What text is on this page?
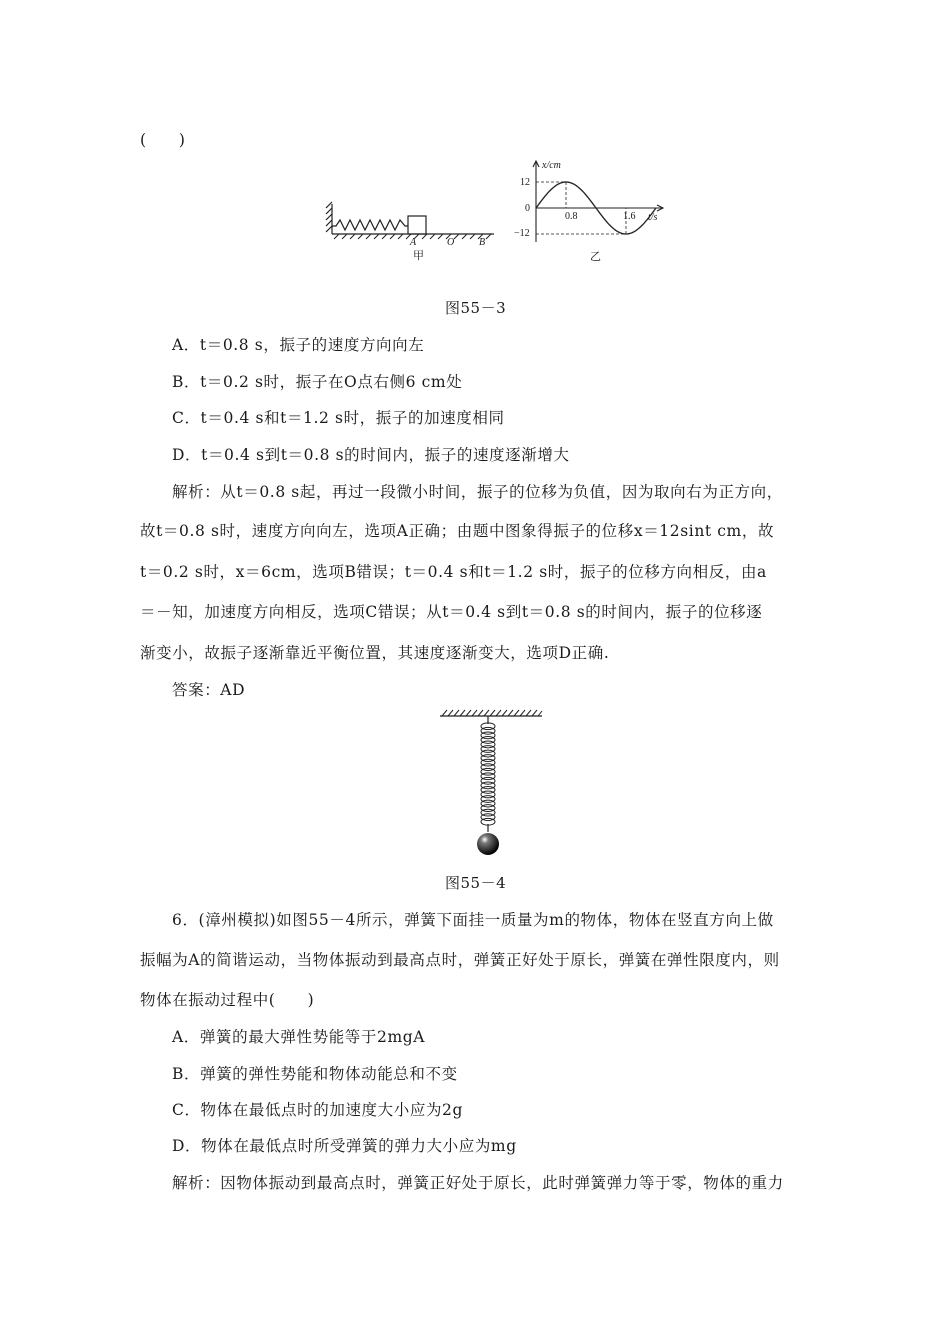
(　　)
A	O B
甲
x/cm
t/s
12
0
−12
0.8	1.6
乙
图55－3
A．t＝0.8 s，振子的速度方向向左
B．t＝0.2 s时，振子在O点右侧6 cm处
C．t＝0.4 s和t＝1.2 s时，振子的加速度相同
D．t＝0.4 s到t＝0.8 s的时间内，振子的速度逐渐增大
解析：从t＝0.8 s起，再过一段微小时间，振子的位移为负值，因为取向右为正方向，
故t＝0.8 s时，速度方向向左，选项A正确；由题中图象得振子的位移x＝12sint cm，故
t＝0.2 s时，x＝6cm，选项B错误；t＝0.4 s和t＝1.2 s时，振子的位移方向相反，由a
＝－知，加速度方向相反，选项C错误；从t＝0.4 s到t＝0.8 s的时间内，振子的位移逐
渐变小，故振子逐渐靠近平衡位置，其速度逐渐变大，选项D正确.
答案：AD
图55－4
6．(漳州模拟)如图55－4所示，弹簧下面挂一质量为m的物体，物体在竖直方向上做
振幅为A的简谐运动，当物体振动到最高点时，弹簧正好处于原长，弹簧在弹性限度内，则
物体在振动过程中(　　)
A．弹簧的最大弹性势能等于2mgA
B．弹簧的弹性势能和物体动能总和不变
C．物体在最低点时的加速度大小应为2g
D．物体在最低点时所受弹簧的弹力大小应为mg
解析：因物体振动到最高点时，弹簧正好处于原长，此时弹簧弹力等于零，物体的重力
